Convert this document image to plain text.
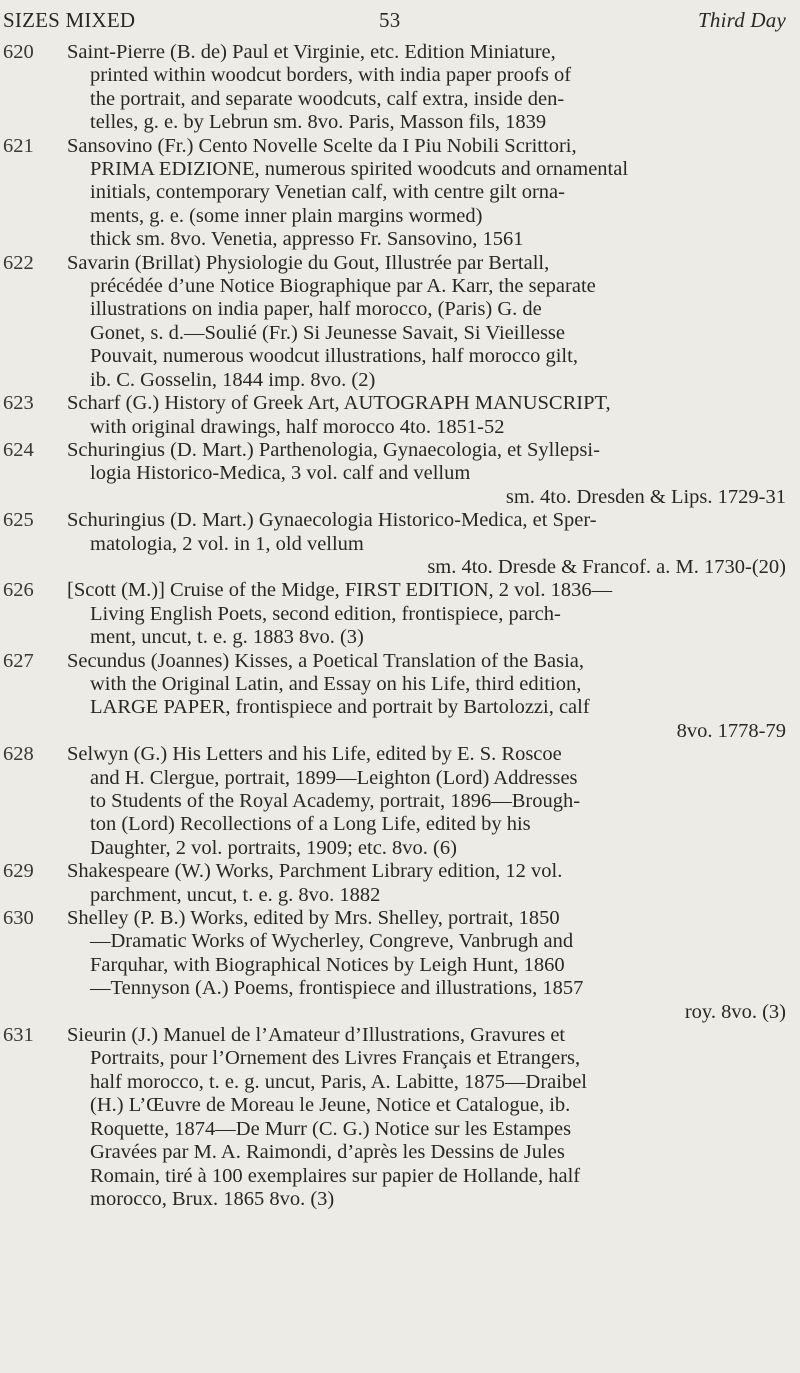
SIZES MIXED	53	Third Day
620 Saint-Pierre (B. de) Paul et Virginie, etc. Edition Miniature,
printed within woodcut borders, with india paper proofs of
the portrait, and separate woodcuts, calf extra, inside den-
telles, g. e. by Lebrun sm. 8vo. Paris, Masson fils, 1839
621 Sansovino (Fr.) Cento Novelle Scelte da I Piu Nobili Scrittori,
PRIMA EDIZIONE, numerous spirited woodcuts and ornamental
initials, contemporary Venetian calf, with centre gilt orna-
ments, g. e. (some inner plain margins wormed)
thick sm. 8vo. Venetia, appresso Fr. Sansovino, 1561
622 Savarin (Brillat) Physiologie du Gout, Illustrée par Bertall,
précédée d’une Notice Biographique par A. Karr, the separate
illustrations on india paper, half morocco, (Paris) G. de
Gonet, s. d.—Soulié (Fr.) Si Jeunesse Savait, Si Vieillesse
Pouvait, numerous woodcut illustrations, half morocco gilt,
ib. C. Gosselin, 1844 imp. 8vo. (2)
623 Scharf (G.) History of Greek Art, AUTOGRAPH MANUSCRIPT,
with original drawings, half morocco 4to. 1851-52
624 Schuringius (D. Mart.) Parthenologia, Gynaecologia, et Syllepsi-
logia Historico-Medica, 3 vol. calf and vellum
sm. 4to. Dresden & Lips. 1729-31
625 Schuringius (D. Mart.) Gynaecologia Historico-Medica, et Sper-
matologia, 2 vol. in 1, old vellum
sm. 4to. Dresde & Francof. a. M. 1730-(20)
626 [Scott (M.)] Cruise of the Midge, FIRST EDITION, 2 vol. 1836—
Living English Poets, second edition, frontispiece, parch-
ment, uncut, t. e. g. 1883 8vo. (3)
627 Secundus (Joannes) Kisses, a Poetical Translation of the Basia,
with the Original Latin, and Essay on his Life, third edition,
LARGE PAPER, frontispiece and portrait by Bartolozzi, calf
8vo. 1778-79
628 Selwyn (G.) His Letters and his Life, edited by E. S. Roscoe
and H. Clergue, portrait, 1899—Leighton (Lord) Addresses
to Students of the Royal Academy, portrait, 1896—Brough-
ton (Lord) Recollections of a Long Life, edited by his
Daughter, 2 vol. portraits, 1909; etc. 8vo. (6)
629 Shakespeare (W.) Works, Parchment Library edition, 12 vol.
parchment, uncut, t. e. g. 8vo. 1882
630 Shelley (P. B.) Works, edited by Mrs. Shelley, portrait, 1850
—Dramatic Works of Wycherley, Congreve, Vanbrugh and
Farquhar, with Biographical Notices by Leigh Hunt, 1860
—Tennyson (A.) Poems, frontispiece and illustrations, 1857
roy. 8vo. (3)
631 Sieurin (J.) Manuel de l’Amateur d’Illustrations, Gravures et
Portraits, pour l’Ornement des Livres Français et Etrangers,
half morocco, t. e. g. uncut, Paris, A. Labitte, 1875—Draibel
(H.) L’Œuvre de Moreau le Jeune, Notice et Catalogue, ib.
Roquette, 1874—De Murr (C. G.) Notice sur les Estampes
Gravées par M. A. Raimondi, d’après les Dessins de Jules
Romain, tiré à 100 exemplaires sur papier de Hollande, half
morocco, Brux. 1865 8vo. (3)
